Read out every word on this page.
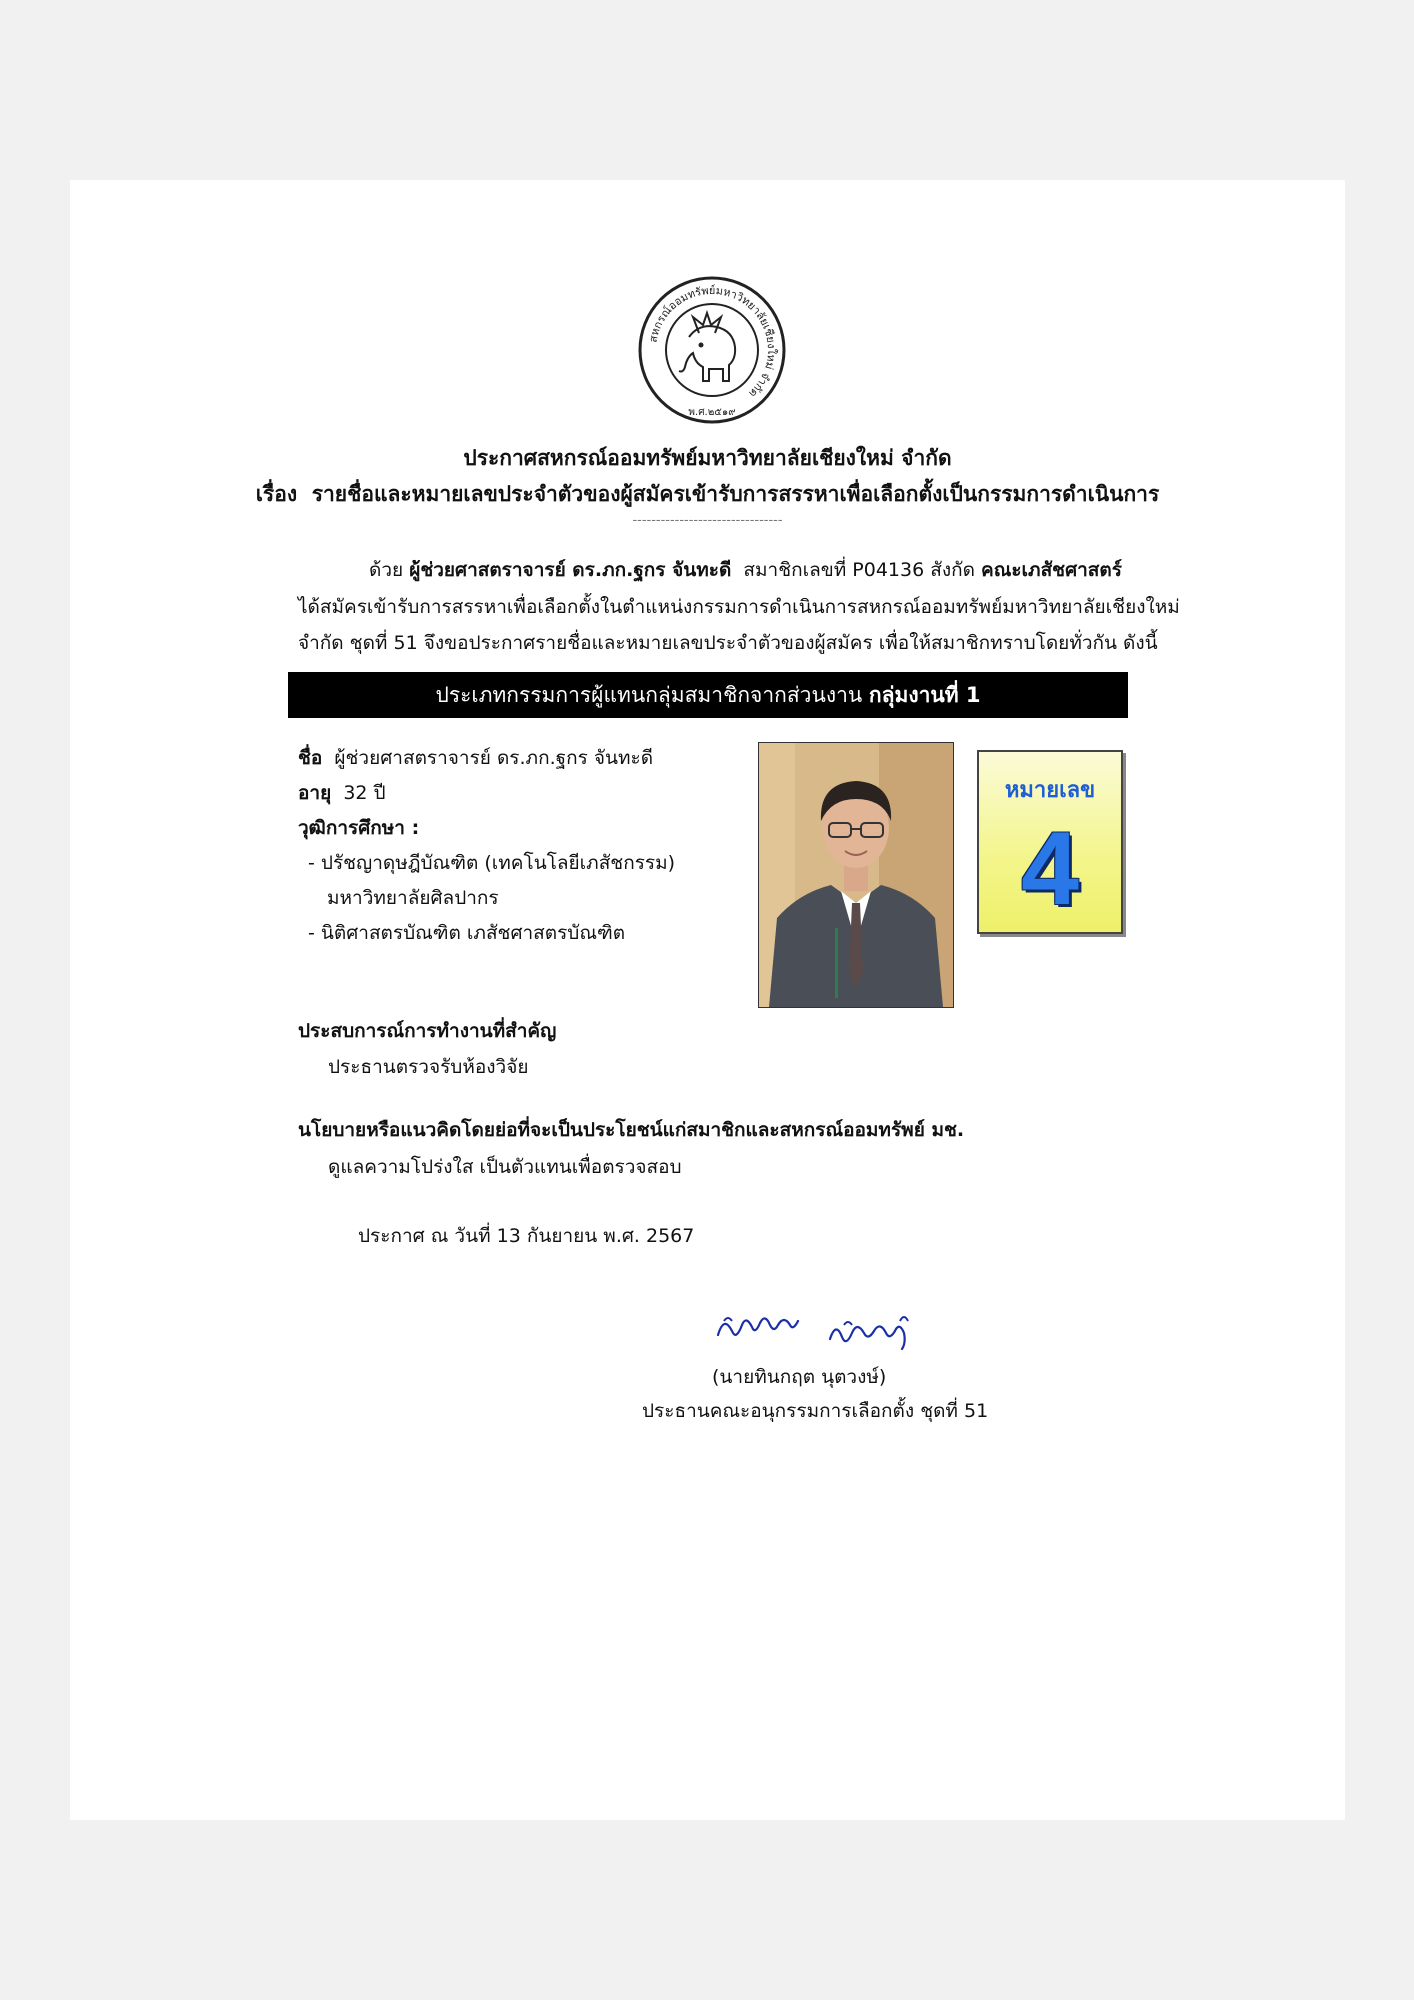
สหกรณ์ออมทรัพย์มหาวิทยาลัยเชียงใหม่ จำกัด
พ.ศ.๒๕๑๙
ประกาศสหกรณ์ออมทรัพย์มหาวิทยาลัยเชียงใหม่ จำกัด
เรื่อง รายชื่อและหมายเลขประจำตัวของผู้สมัครเข้ารับการสรรหาเพื่อเลือกตั้งเป็นกรรมการดำเนินการ
--------------------------------
ด้วย ผู้ช่วยศาสตราจารย์ ดร.ภก.ฐกร จันทะดี สมาชิกเลขที่ P04136 สังกัด คณะเภสัชศาสตร์
ได้สมัครเข้ารับการสรรหาเพื่อเลือกตั้งในตำแหน่งกรรมการดำเนินการสหกรณ์ออมทรัพย์มหาวิทยาลัยเชียงใหม่
จำกัด ชุดที่ 51 จึงขอประกาศรายชื่อและหมายเลขประจำตัวของผู้สมัคร เพื่อให้สมาชิกทราบโดยทั่วกัน ดังนี้
ประเภทกรรมการผู้แทนกลุ่มสมาชิกจากส่วนงาน กลุ่มงานที่ 1
ชื่อ ผู้ช่วยศาสตราจารย์ ดร.ภก.ฐกร จันทะดี
อายุ 32 ปี
วุฒิการศึกษา :
- ปรัชญาดุษฎีบัณฑิต (เทคโนโลยีเภสัชกรรม)
มหาวิทยาลัยศิลปากร
- นิติศาสตรบัณฑิต เภสัชศาสตรบัณฑิต
หมายเลข
4
ประสบการณ์การทำงานที่สำคัญ
ประธานตรวจรับห้องวิจัย
นโยบายหรือแนวคิดโดยย่อที่จะเป็นประโยชน์แก่สมาชิกและสหกรณ์ออมทรัพย์ มช.
ดูแลความโปร่งใส เป็นตัวแทนเพื่อตรวจสอบ
ประกาศ ณ วันที่ 13 กันยายน พ.ศ. 2567
(นายทินกฤต นุตวงษ์)
ประธานคณะอนุกรรมการเลือกตั้ง ชุดที่ 51
